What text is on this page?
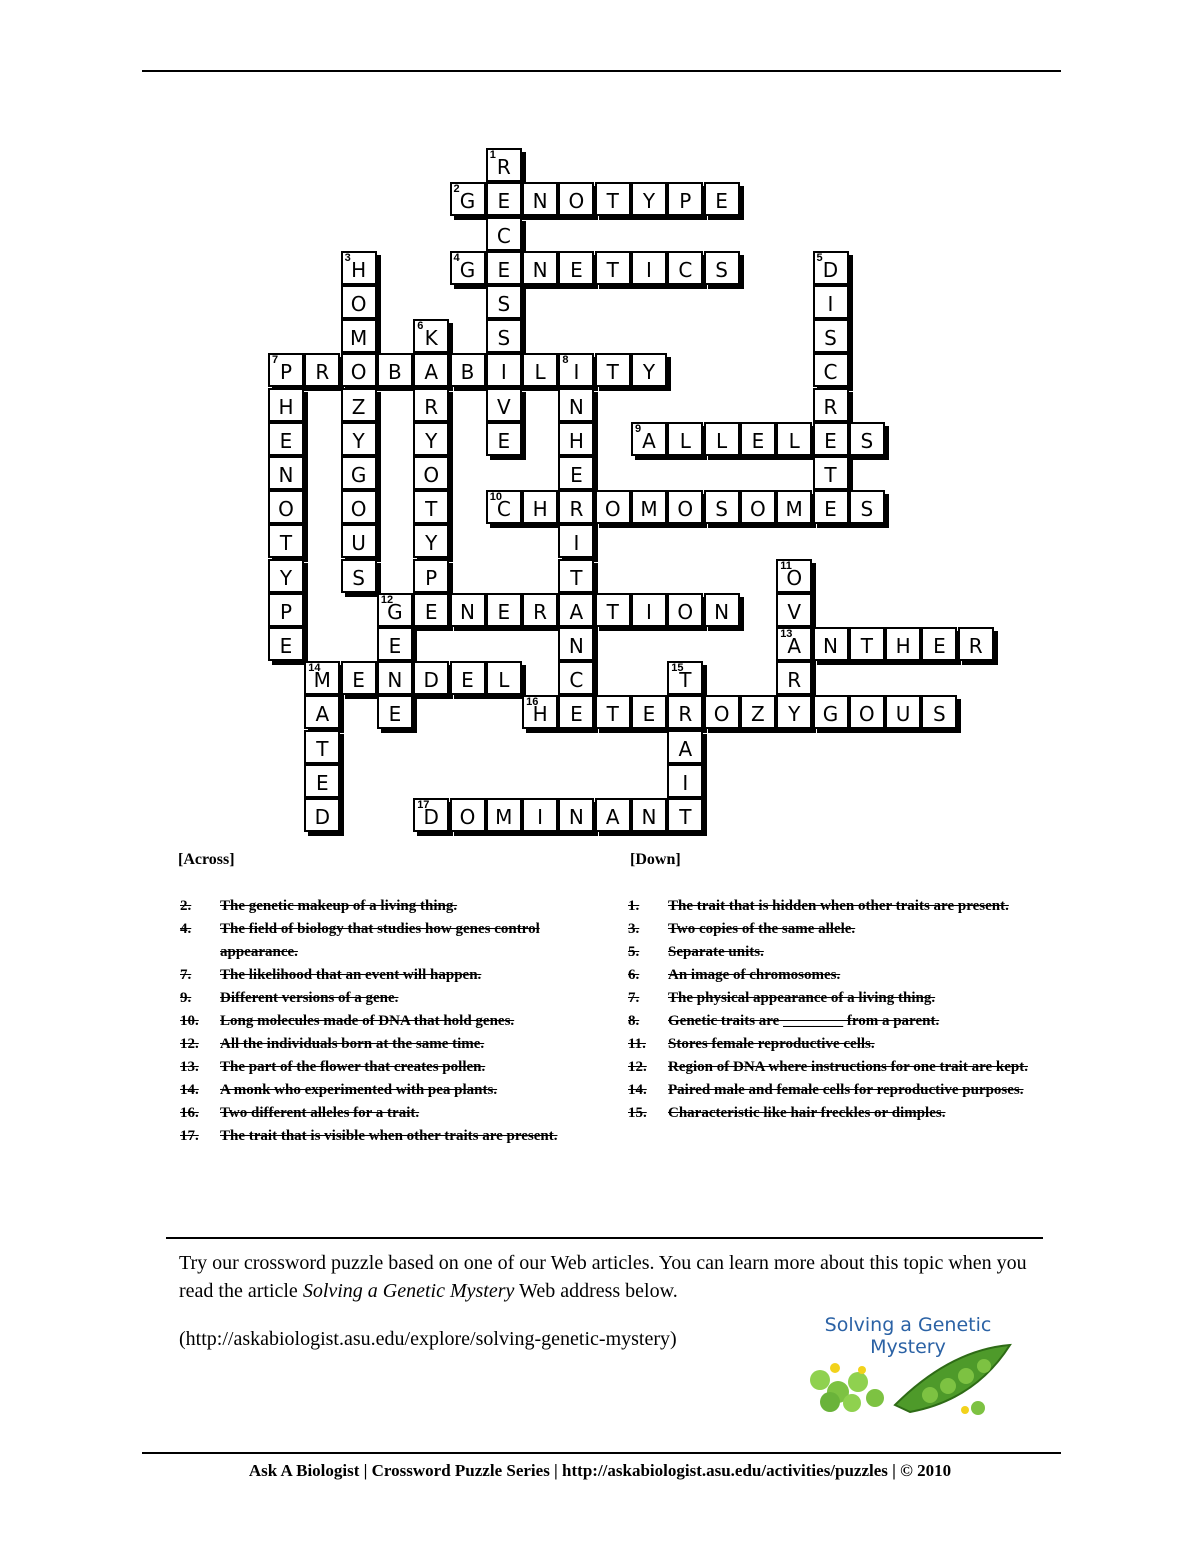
1 R
2 G	E	N	O	T	Y	P	E
C
3 H	4 G	E	N	E	T	I	C	S	5 D
O	S	I
M	6 K	S	S
7 P	R	O	B	A	B	I	L	8 I	T	Y	C
H	Z	R	V	N	R
E	Y	Y	E	H	9 A	L	L	E	L	E	S
N	G	O	E	T
O	O	T	10
C	H	R	O M O	S	O M	E	S
T	U	Y	I
Y	S	P	T	11
O
P	12
G	E	N	E	R	A	T	I	O	N	V
E	E	N	13
A	N	T	H	E	R
14
M	E	N	D	E	L	C	15
T	R
A	E	16
H	E	T	E	R	O	Z	Y	G	O	U	S
T	A
E	I
D	17
D	O M	I	N	A	N	T
[Across]	[Down]
2.	The genetic makeup of a living thing.
4.	The field of biology that studies how genes control appearance.
7.	The likelihood that an event will happen.
9.	Different versions of a gene.
10.	Long molecules made of DNA that hold genes.
12.	All the individuals born at the same time.
13.	The part of the flower that creates pollen.
14.	A monk who experimented with pea plants.
16.	Two different alleles for a trait.
17.	The trait that is visible when other traits are present.
1.	The trait that is hidden when other traits are present.
3.	Two copies of the same allele.
5.	Separate units.
6.	An image of chromosomes.
7.	The physical appearance of a living thing.
8.	Genetic traits are ________ from a parent.
11.	Stores female reproductive cells.
12.	Region of DNA where instructions for one trait are kept.
14.	Paired male and female cells for reproductive purposes.
15.	Characteristic like hair freckles or dimples.
Try our crossword puzzle based on one of our Web articles. You can learn more about this topic when you read the article Solving a Genetic Mystery Web address below.
(http://askabiologist.asu.edu/explore/solving-genetic-mystery)
Solving a Genetic
Mystery
Ask A Biologist | Crossword Puzzle Series | http://askabiologist.asu.edu/activities/puzzles | © 2010
